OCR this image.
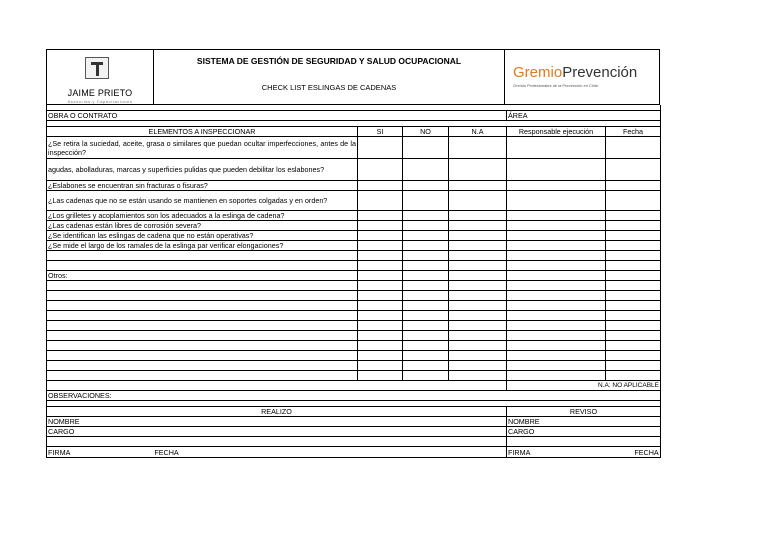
JAIME PRIETO
Asesorías y Capacitaciones
SISTEMA DE GESTIÓN DE SEGURIDAD Y SALUD OCUPACIONAL
CHECK LIST ESLINGAS DE CADENAS
GremioPrevención
Gremio Profesionales de la Prevención en Chile

OBRA O CONTRATO				ÁREA	

ELEMENTOS A INSPECCIONAR	SI	NO	N.A	Responsable ejecución	Fecha
¿Se retira la suciedad, aceite, grasa o similares que puedan ocultar imperfecciones, antes de la inspección?					
agudas, abolladuras, marcas y superficies pulidas que pueden debilitar los eslabones?					
¿Eslabones se encuentran sin fracturas o fisuras?					
¿Las cadenas que no se están usando se mantienen en soportes colgadas y en orden?					
¿Los grilletes y acoplamientos son los adecuados a la eslinga de cadena?					
¿Las cadenas están libres de corrosión severa?					
¿Se identifican las eslingas de cadena que no están operativas?					
¿Se mide el largo de los ramales de la eslinga par verificar elongaciones?					

Otros:					

				N.A: NO APLICABLE	
OBSERVACIONES:					

REALIZO				REVISO	
NOMBRE				NOMBRE	
CARGO				CARGO	

FIRMA FECHA				FIRMA FECHA	
